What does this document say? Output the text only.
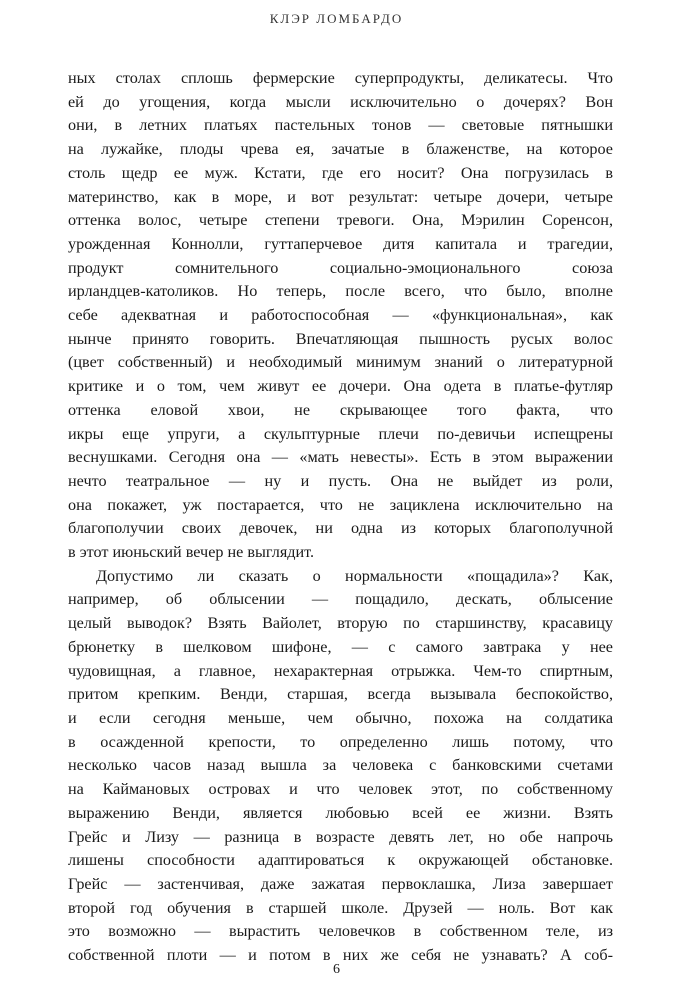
КЛЭР ЛОМБАРДО
ных столах сплошь фермерские суперпродукты, деликатесы. Что
ей до угощения, когда мысли исключительно о дочерях? Вон
они, в летних платьях пастельных тонов — световые пятнышки
на лужайке, плоды чрева ея, зачатые в блаженстве, на которое
столь щедр ее муж. Кстати, где его носит? Она погрузилась в
материнство, как в море, и вот результат: четыре дочери, четыре
оттенка волос, четыре степени тревоги. Она, Мэрилин Соренсон,
урожденная Коннолли, гуттаперчевое дитя капитала и трагедии,
продукт сомнительного социально-эмоционального союза
ирландцев-католиков. Но теперь, после всего, что было, вполне
себе адекватная и работоспособная — «функциональная», как
нынче принято говорить. Впечатляющая пышность русых волос
(цвет собственный) и необходимый минимум знаний о литературной
критике и о том, чем живут ее дочери. Она одета в платье-футляр
оттенка еловой хвои, не скрывающее того факта, что
икры еще упруги, а скульптурные плечи по-девичьи испещрены
веснушками. Сегодня она — «мать невесты». Есть в этом выражении
нечто театральное — ну и пусть. Она не выйдет из роли,
она покажет, уж постарается, что не зациклена исключительно на
благополучии своих девочек, ни одна из которых благополучной
в этот июньский вечер не выглядит.
Допустимо ли сказать о нормальности «пощадила»? Как,
например, об облысении — пощадило, дескать, облысение
целый выводок? Взять Вайолет, вторую по старшинству, красавицу
брюнетку в шелковом шифоне, — с самого завтрака у нее
чудовищная, а главное, нехарактерная отрыжка. Чем-то спиртным,
притом крепким. Венди, старшая, всегда вызывала беспокойство,
и если сегодня меньше, чем обычно, похожа на солдатика
в осажденной крепости, то определенно лишь потому, что
несколько часов назад вышла за человека с банковскими счетами
на Каймановых островах и что человек этот, по собственному
выражению Венди, является любовью всей ее жизни. Взять
Грейс и Лизу — разница в возрасте девять лет, но обе напрочь
лишены способности адаптироваться к окружающей обстановке.
Грейс — застенчивая, даже зажатая первоклашка, Лиза завершает
второй год обучения в старшей школе. Друзей — ноль. Вот как
это возможно — вырастить человечков в собственном теле, из
собственной плоти — и потом в них же себя не узнавать? А соб-
6
